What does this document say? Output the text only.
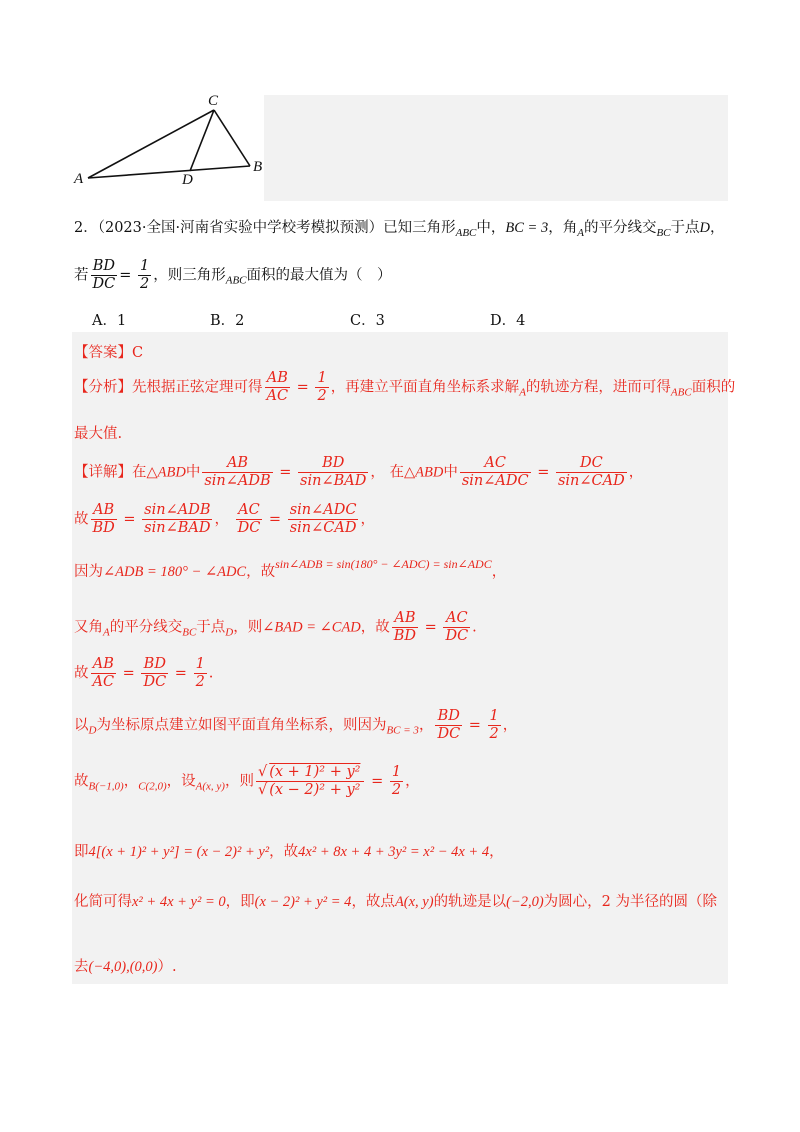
C
A
B
D
2．（2023·全国·河南省实验中学校考模拟预测）已知三角形$_{ABC}$中，BC = 3，角$_A$的平分线交$_{BC}$于点D，
若 $\frac{BD}{DC} = \frac{1}{2}$ ，则三角形$_{ABC}$面积的最大值为（　）
A．1	B．2	C．3	D．4
【答案】C
【分析】先根据正弦定理可得 $\frac{AB}{AC} = \frac{1}{2}$ ，再建立平面直角坐标系求解$_A$的轨迹方程，进而可得$_{ABC}$面积的
最大值.
【详解】在△ABD中 $\frac{AB}{\text{sin∠ADB}} = \frac{BD}{\text{sin∠BAD}}$ ， 在△ABD中 $\frac{AC}{\text{sin∠ADC}} = \frac{DC}{\text{sin∠CAD}}$ ，
故 $\frac{AB}{BD} = \frac{\text{sin∠ADB}}{\text{sin∠BAD}}$ ， $\frac{AC}{DC} = \frac{\text{sin∠ADC}}{\text{sin∠CAD}}$ ，
因为∠ADB = 180° − ∠ADC，故$^{sin\angle ADB = sin(180^\circ - \angle ADC) = sin\angle ADC}$，
又角$_A$的平分线交$_{BC}$于点$_D$，则∠BAD = ∠CAD，故 $\frac{AB}{BD} = \frac{AC}{DC}$ .
故 $\frac{AB}{AC} = \frac{BD}{DC} = \frac{1}{2}$ .
以$_D$为坐标原点建立如图平面直角坐标系，则因为$_{BC = 3}$， $\frac{BD}{DC} = \frac{1}{2}$ ，
故$_{B(-1,0)}$，$_{C(2,0)}$，设$_{A(x, y)}$，则 $\frac{\text{√ (x + 1)² + y²}}{\text{√ (x − 2)² + y²}} = \frac{1}{2}$ ，
即4[(x + 1)² + y²] = (x − 2)² + y²，故4x² + 8x + 4 + 3y² = x² − 4x + 4，
化简可得x² + 4x + y² = 0，即(x − 2)² + y² = 4，故点A(x, y)的轨迹是以(−2,0)为圆心，2 为半径的圆（除
去(−4,0),(0,0)）.
